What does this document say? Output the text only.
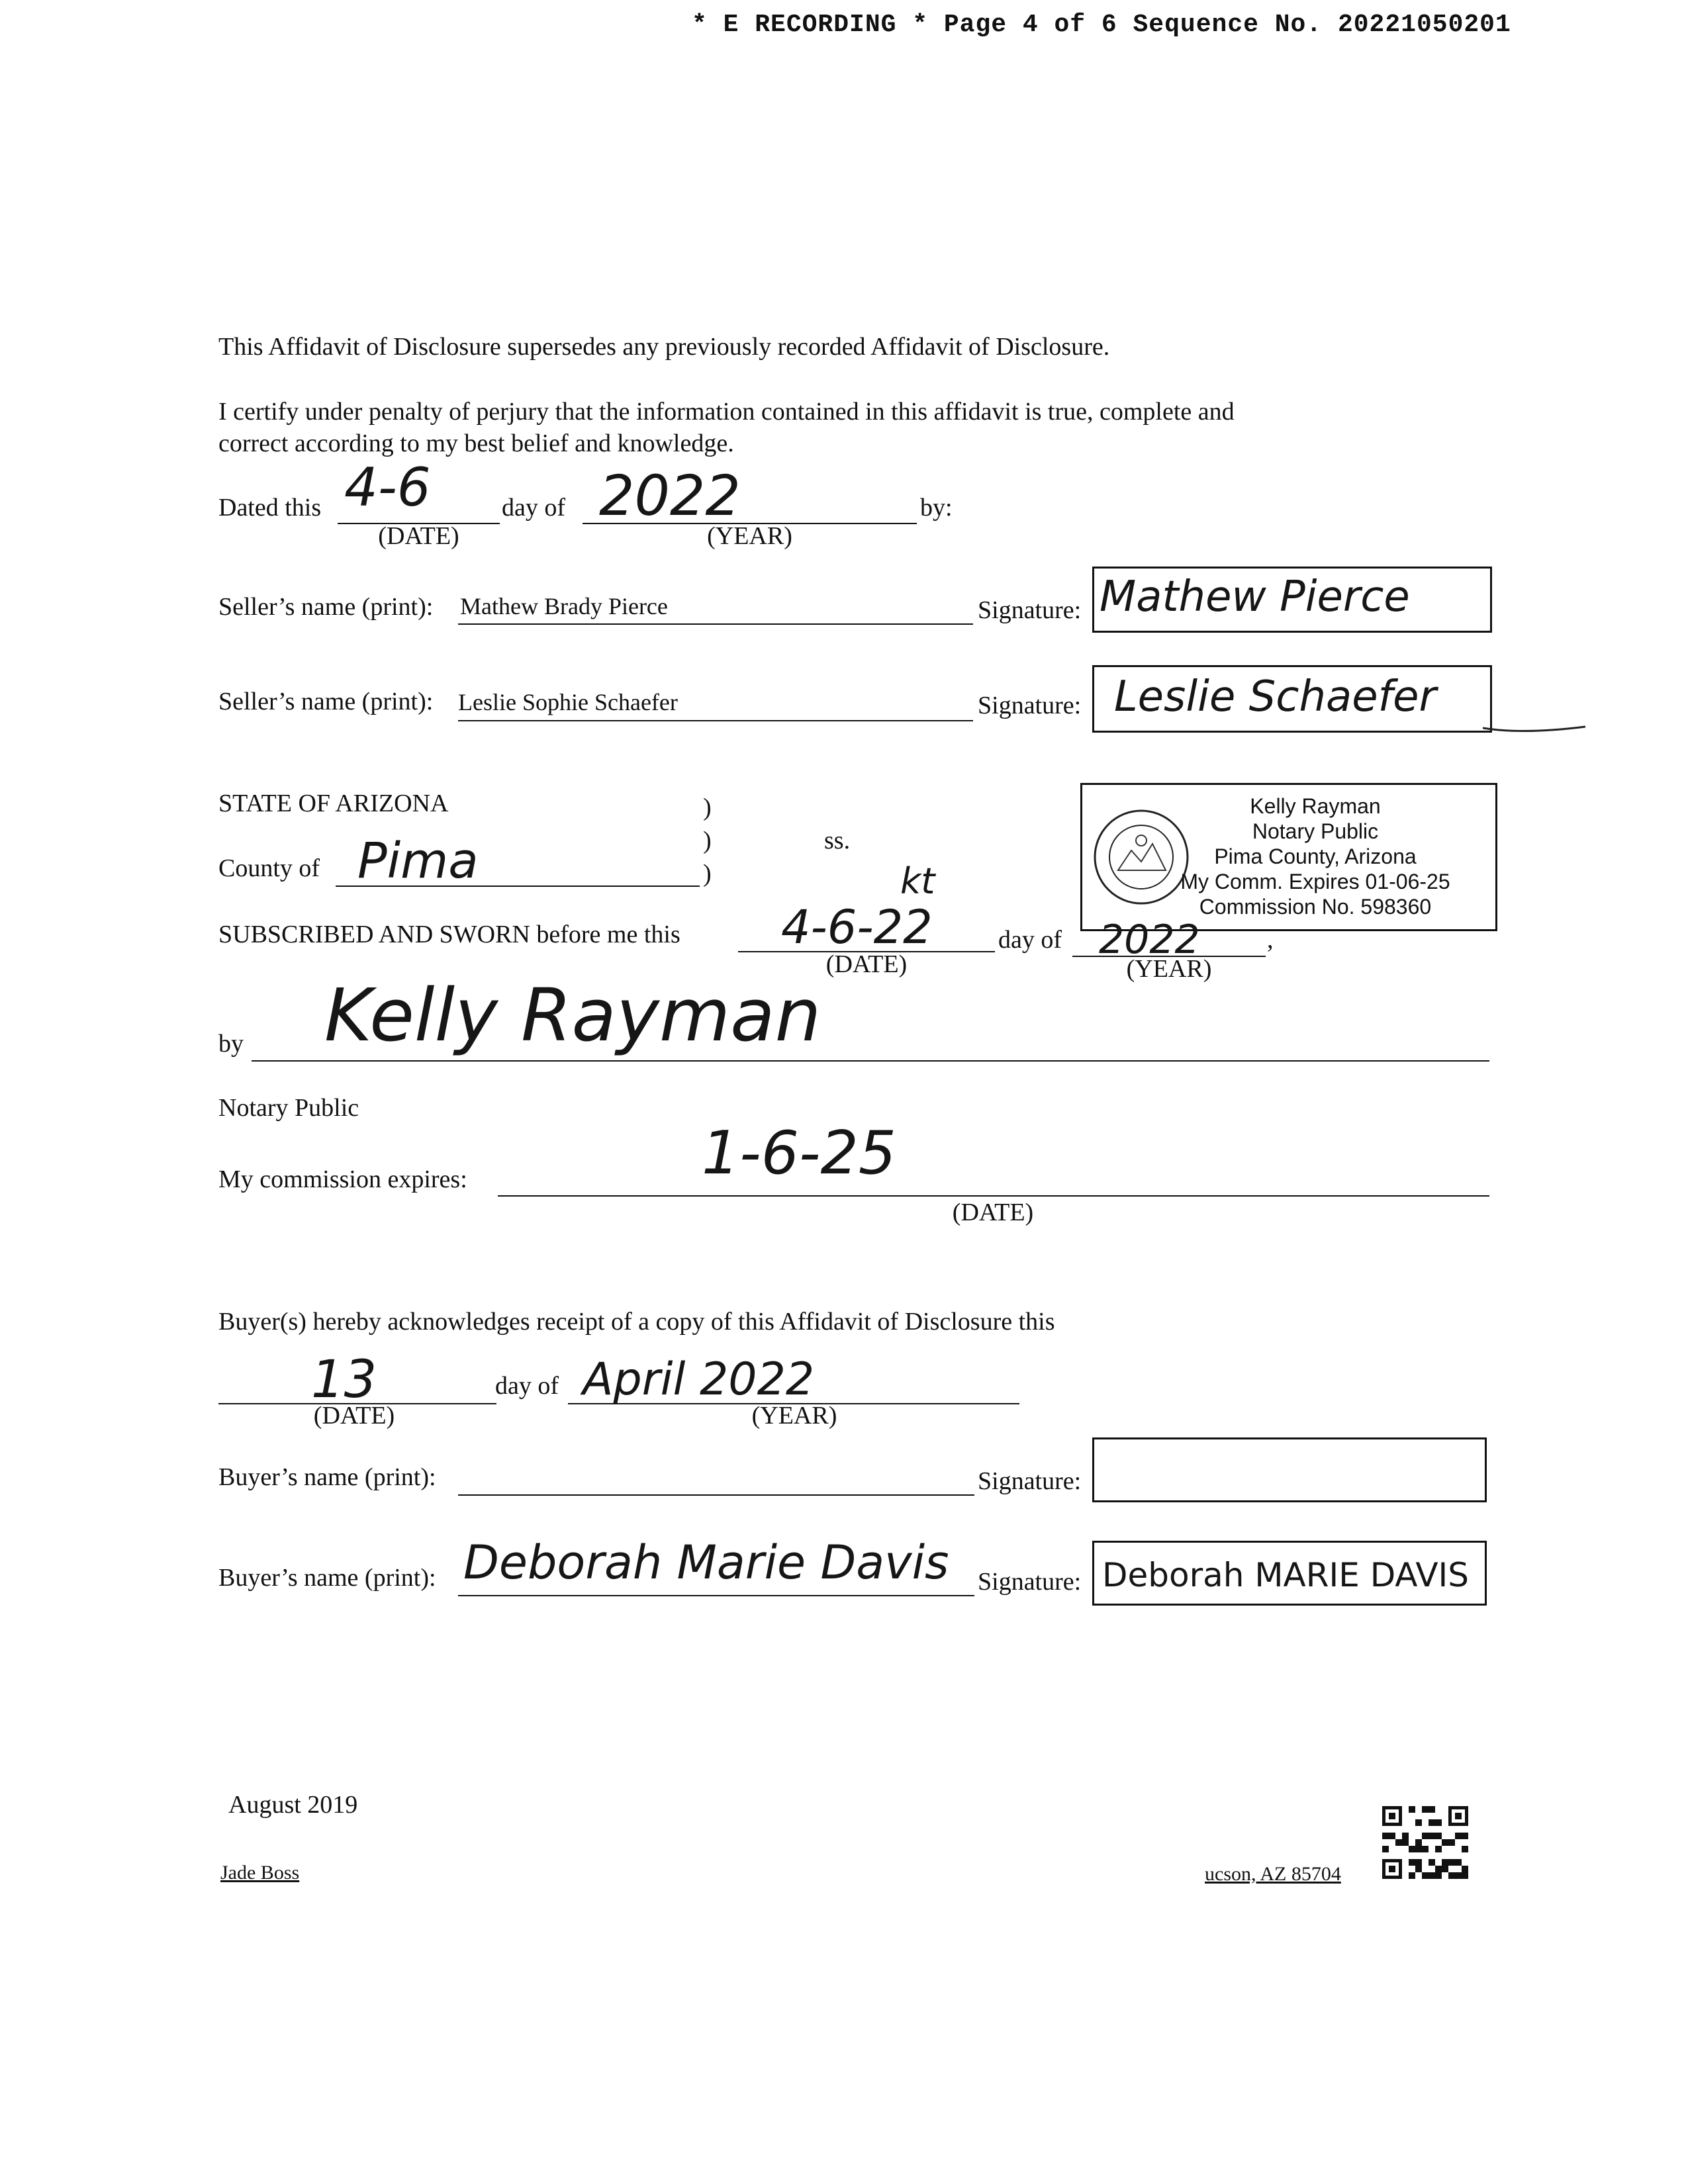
* E RECORDING * Page 4 of 6 Sequence No. 20221050201
This Affidavit of Disclosure supersedes any previously recorded Affidavit of Disclosure.
I certify under penalty of perjury that the information contained in this affidavit is true, complete and
correct according to my best belief and knowledge.
Dated this 4-6
(DATE)
day of 2022
(YEAR)
by:
Seller’s name (print): Mathew Brady Pierce	Signature: Mathew Pierce
Seller’s name (print): Leslie Sophie Schaefer	Signature: Leslie Schaefer
STATE OF ARIZONA	)
)
)
ss.
County of Pima
Kelly Rayman
Notary Public
Pima County, Arizona
My Comm. Expires 01-06-25
Commission No. 598360
SUBSCRIBED AND SWORN before me this 4-6-22
kt
(DATE)
day of 2022	,
(YEAR)
by Kelly Rayman
Notary Public
My commission expires:	1-6-25
(DATE)
Buyer(s) hereby acknowledges receipt of a copy of this Affidavit of Disclosure this
13
(DATE)
day of April 2022
(YEAR)
Buyer’s name (print):	Signature:
Buyer’s name (print): Deborah Marie Davis Signature: Deborah MARIE DAVIS
August 2019
Jade Boss	ucson, AZ 85704
